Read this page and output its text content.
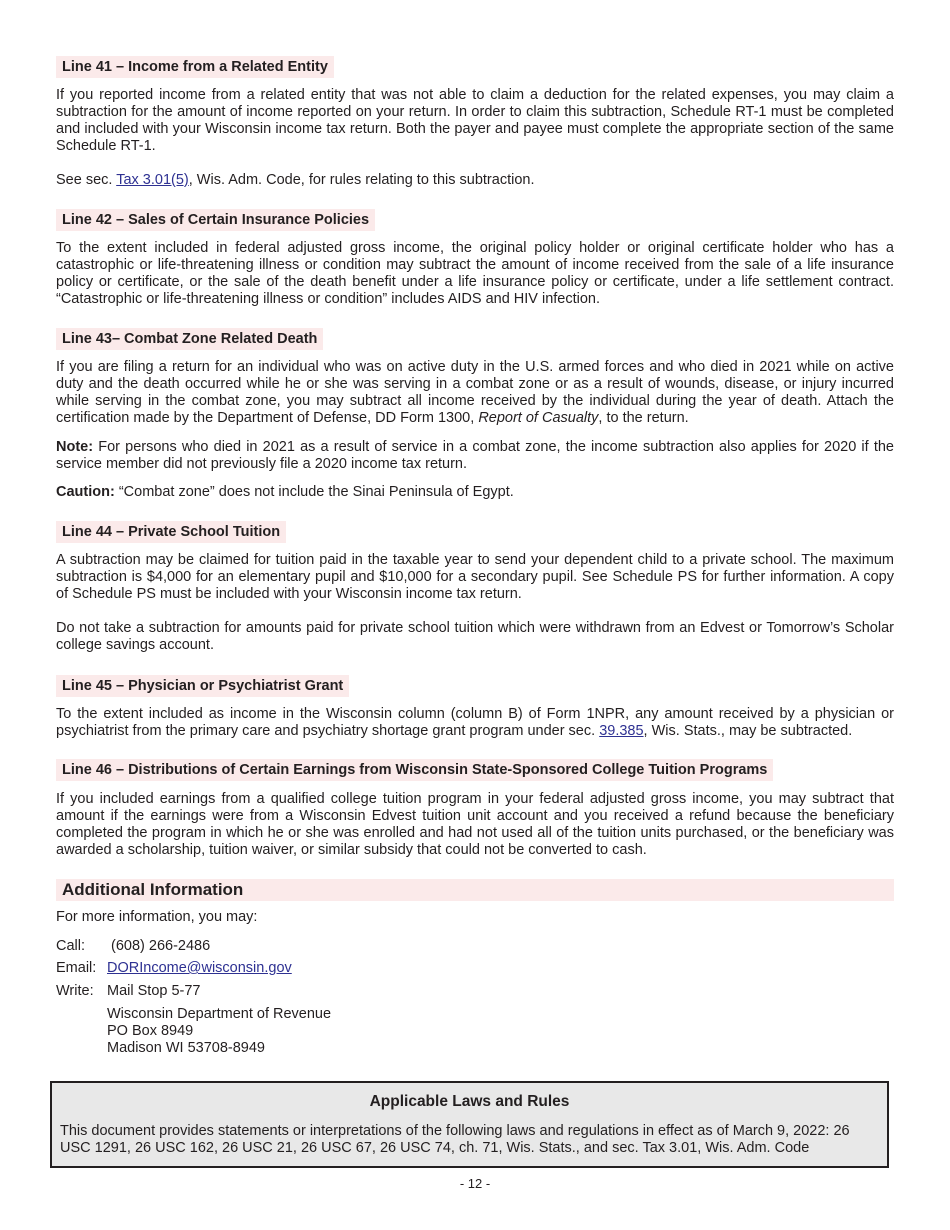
Line 41 – Income from a Related Entity

If you reported income from a related entity that was not able to claim a deduction for the related expenses, you may claim a subtraction for the amount of income reported on your return. In order to claim this subtraction, Schedule RT-1 must be completed and included with your Wisconsin income tax return. Both the payer and payee must complete the appropriate section of the same Schedule RT-1.

See sec. Tax 3.01(5), Wis. Adm. Code, for rules relating to this subtraction.

Line 42 – Sales of Certain Insurance Policies

To the extent included in federal adjusted gross income, the original policy holder or original certificate holder who has a catastrophic or life-threatening illness or condition may subtract the amount of income received from the sale of a life insurance policy or certificate, or the sale of the death benefit under a life insurance policy or certificate, under a life settlement contract. “Catastrophic or life-threatening illness or condition” includes AIDS and HIV infection.

Line 43– Combat Zone Related Death

If you are filing a return for an individual who was on active duty in the U.S. armed forces and who died in 2021 while on active duty and the death occurred while he or she was serving in a combat zone or as a result of wounds, disease, or injury incurred while serving in the combat zone, you may subtract all income received by the individual during the year of death. Attach the certification made by the Department of Defense, DD Form 1300, Report of Casualty, to the return.

Note: For persons who died in 2021 as a result of service in a combat zone, the income subtraction also applies for 2020 if the service member did not previously file a 2020 income tax return.

Caution: “Combat zone” does not include the Sinai Peninsula of Egypt.

Line 44 – Private School Tuition

A subtraction may be claimed for tuition paid in the taxable year to send your dependent child to a private school. The maximum subtraction is $4,000 for an elementary pupil and $10,000 for a secondary pupil. See Schedule PS for further information. A copy of Schedule PS must be included with your Wisconsin income tax return.

Do not take a subtraction for amounts paid for private school tuition which were withdrawn from an Edvest or Tomorrow’s Scholar college savings account.

Line 45 – Physician or Psychiatrist Grant

To the extent included as income in the Wisconsin column (column B) of Form 1NPR, any amount received by a physician or psychiatrist from the primary care and psychiatry shortage grant program under sec. 39.385, Wis. Stats., may be subtracted.

Line 46 – Distributions of Certain Earnings from Wisconsin State-Sponsored College Tuition Programs

If you included earnings from a qualified college tuition program in your federal adjusted gross income, you may subtract that amount if the earnings were from a Wisconsin Edvest tuition unit account and you received a refund because the beneficiary completed the program in which he or she was enrolled and had not used all of the tuition units purchased, or the beneficiary was awarded a scholarship, tuition waiver, or similar subsidy that could not be converted to cash.

Additional Information
For more information, you may:
Call: (608) 266-2486
Email: DORIncome@wisconsin.gov
Write: Mail Stop 5-77
Wisconsin Department of Revenue
PO Box 8949
Madison WI 53708-8949
Applicable Laws and Rules

This document provides statements or interpretations of the following laws and regulations in effect as of March 9, 2022: 26 USC 1291, 26 USC 162, 26 USC 21, 26 USC 67, 26 USC 74, ch. 71, Wis. Stats., and sec. Tax 3.01, Wis. Adm. Code

- 12 -
